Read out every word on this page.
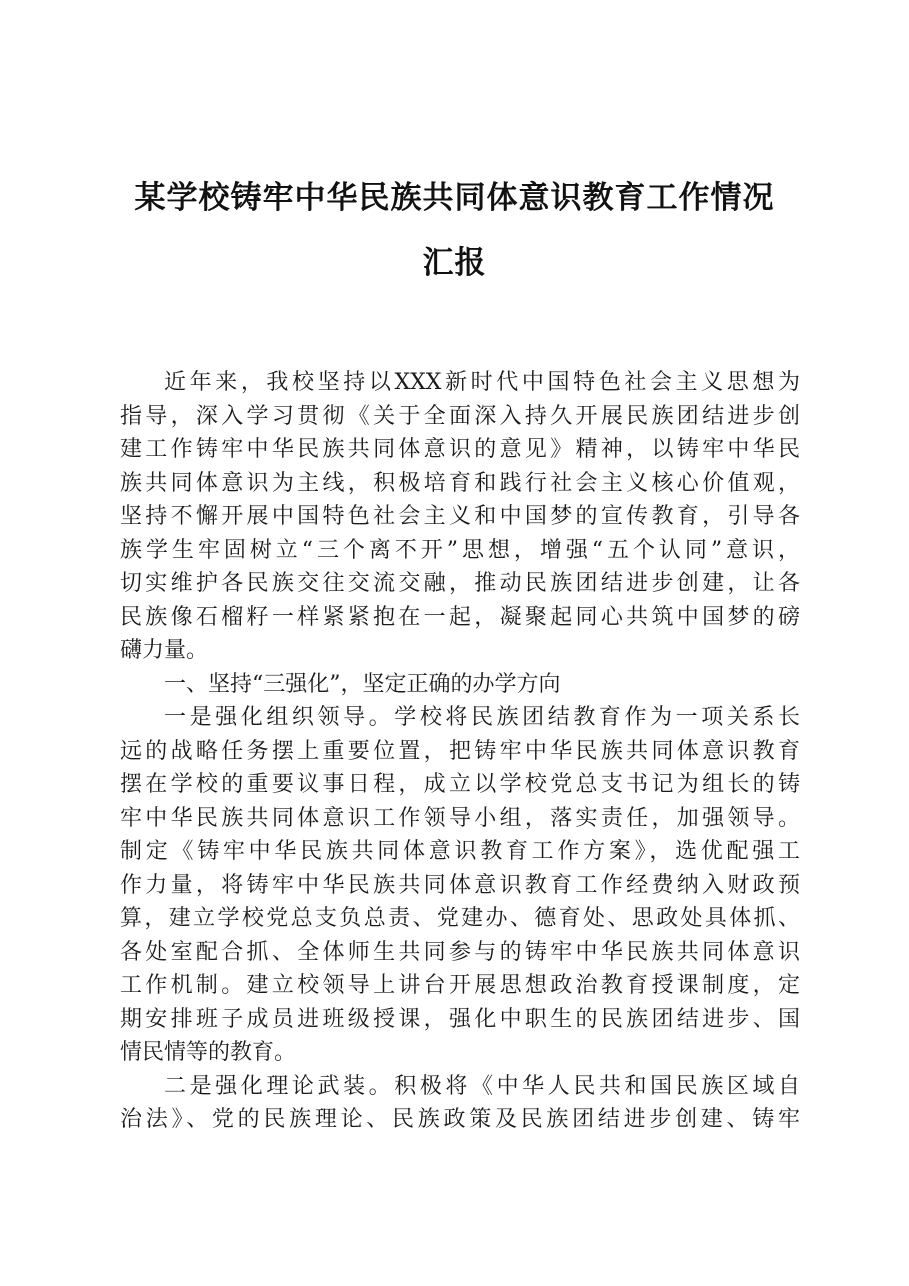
某学校铸牢中华民族共同体意识教育工作情况
汇报
近年来，我校坚持以XXX新时代中国特色社会主义思想为
指导，深入学习贯彻《关于全面深入持久开展民族团结进步创
建工作铸牢中华民族共同体意识的意见》精神，以铸牢中华民
族共同体意识为主线，积极培育和践行社会主义核心价值观，
坚持不懈开展中国特色社会主义和中国梦的宣传教育，引导各
族学生牢固树立“三个离不开”思想，增强“五个认同”意识，
切实维护各民族交往交流交融，推动民族团结进步创建，让各
民族像石榴籽一样紧紧抱在一起，凝聚起同心共筑中国梦的磅
礴力量。
一、坚持“三强化”，坚定正确的办学方向
一是强化组织领导。学校将民族团结教育作为一项关系长
远的战略任务摆上重要位置，把铸牢中华民族共同体意识教育
摆在学校的重要议事日程，成立以学校党总支书记为组长的铸
牢中华民族共同体意识工作领导小组，落实责任，加强领导。
制定《铸牢中华民族共同体意识教育工作方案》，选优配强工
作力量，将铸牢中华民族共同体意识教育工作经费纳入财政预
算，建立学校党总支负总责、党建办、德育处、思政处具体抓、
各处室配合抓、全体师生共同参与的铸牢中华民族共同体意识
工作机制。建立校领导上讲台开展思想政治教育授课制度，定
期安排班子成员进班级授课，强化中职生的民族团结进步、国
情民情等的教育。
二是强化理论武装。积极将《中华人民共和国民族区域自
治法》、党的民族理论、民族政策及民族团结进步创建、铸牢
